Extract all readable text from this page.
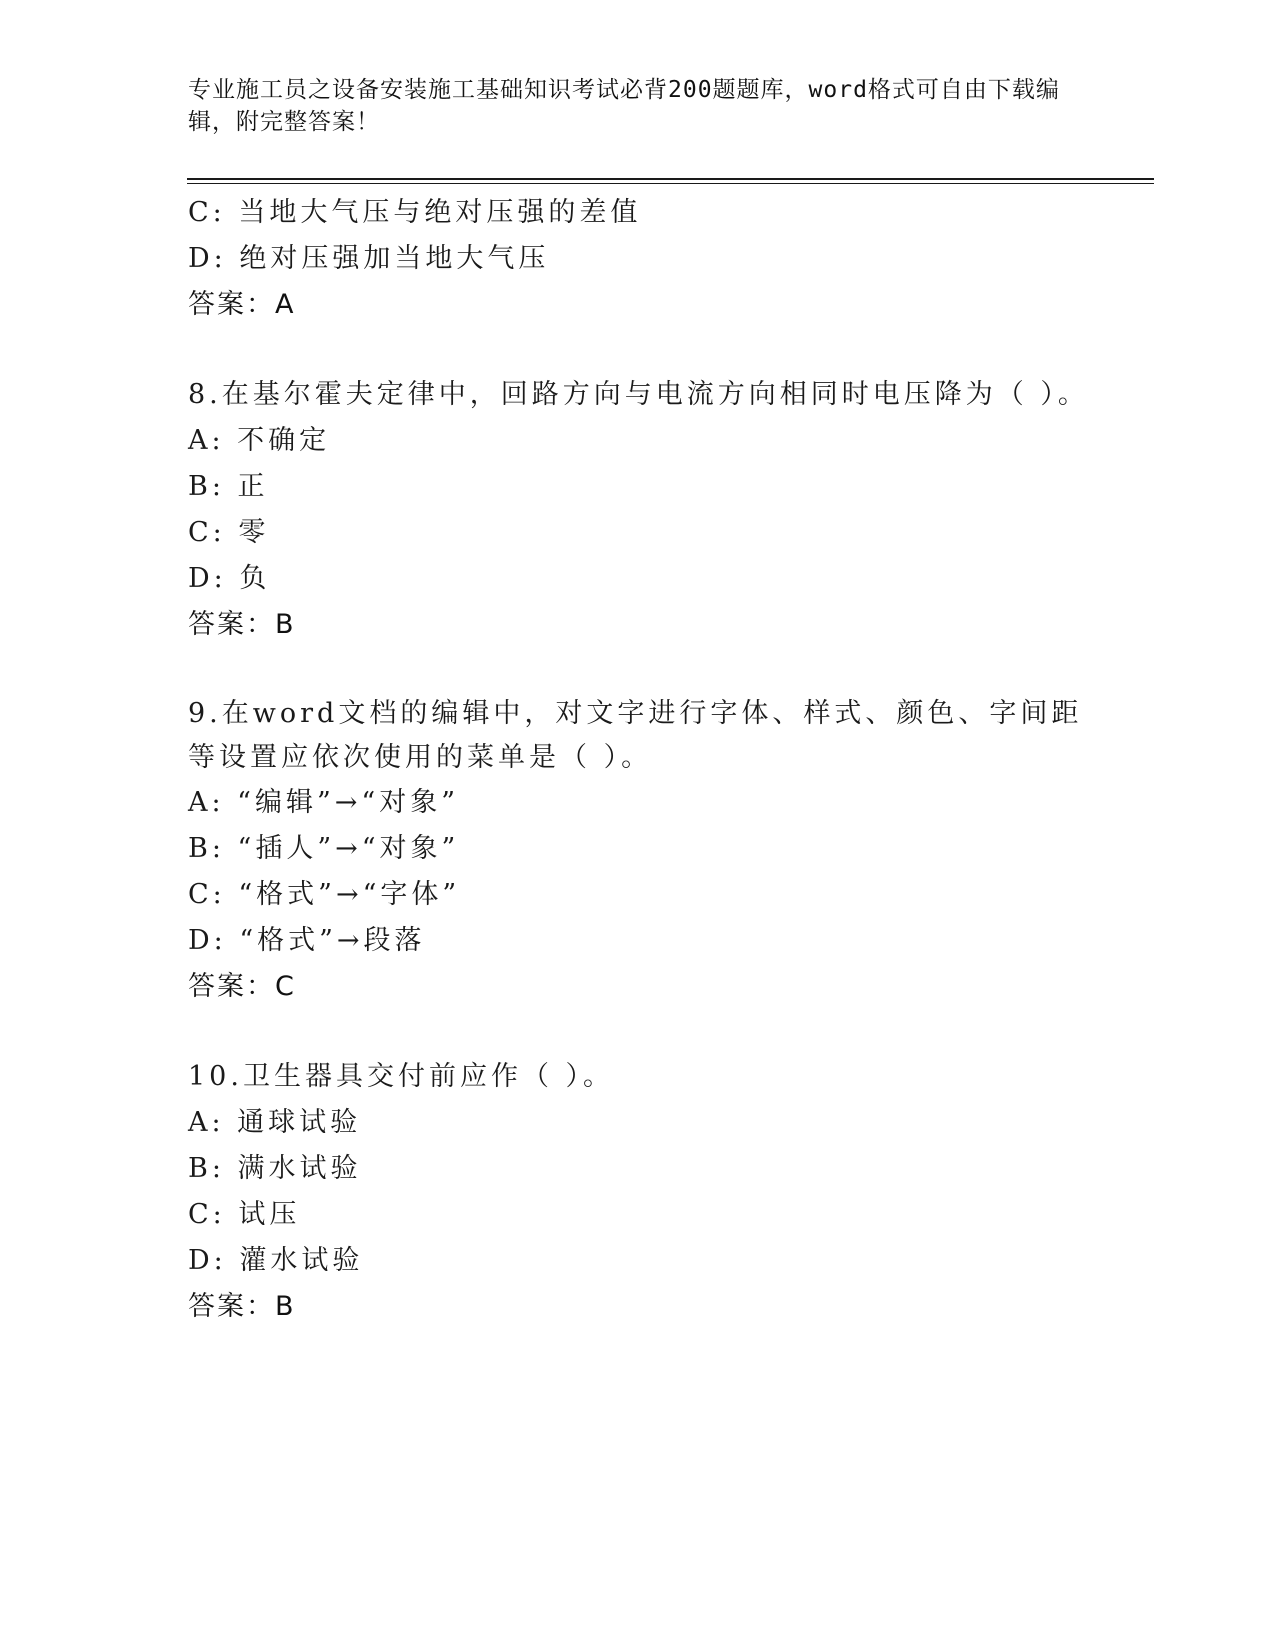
专业施工员之设备安装施工基础知识考试必背200题题库，word格式可自由下载编辑，附完整答案！
C: 当地大气压与绝对压强的差值
D: 绝对压强加当地大气压
答案：A
8.在基尔霍夫定律中，回路方向与电流方向相同时电压降为（ ）。
A: 不确定
B: 正
C: 零
D: 负
答案：B
9.在word文档的编辑中，对文字进行字体、样式、颜色、字间距等设置应依次使用的菜单是（ ）。
A: “编辑”→“对象”
B: “插人”→“对象”
C: “格式”→“字体”
D: “格式”→段落
答案：C
10.卫生器具交付前应作（ ）。
A: 通球试验
B: 满水试验
C: 试压
D: 灌水试验
答案：B
